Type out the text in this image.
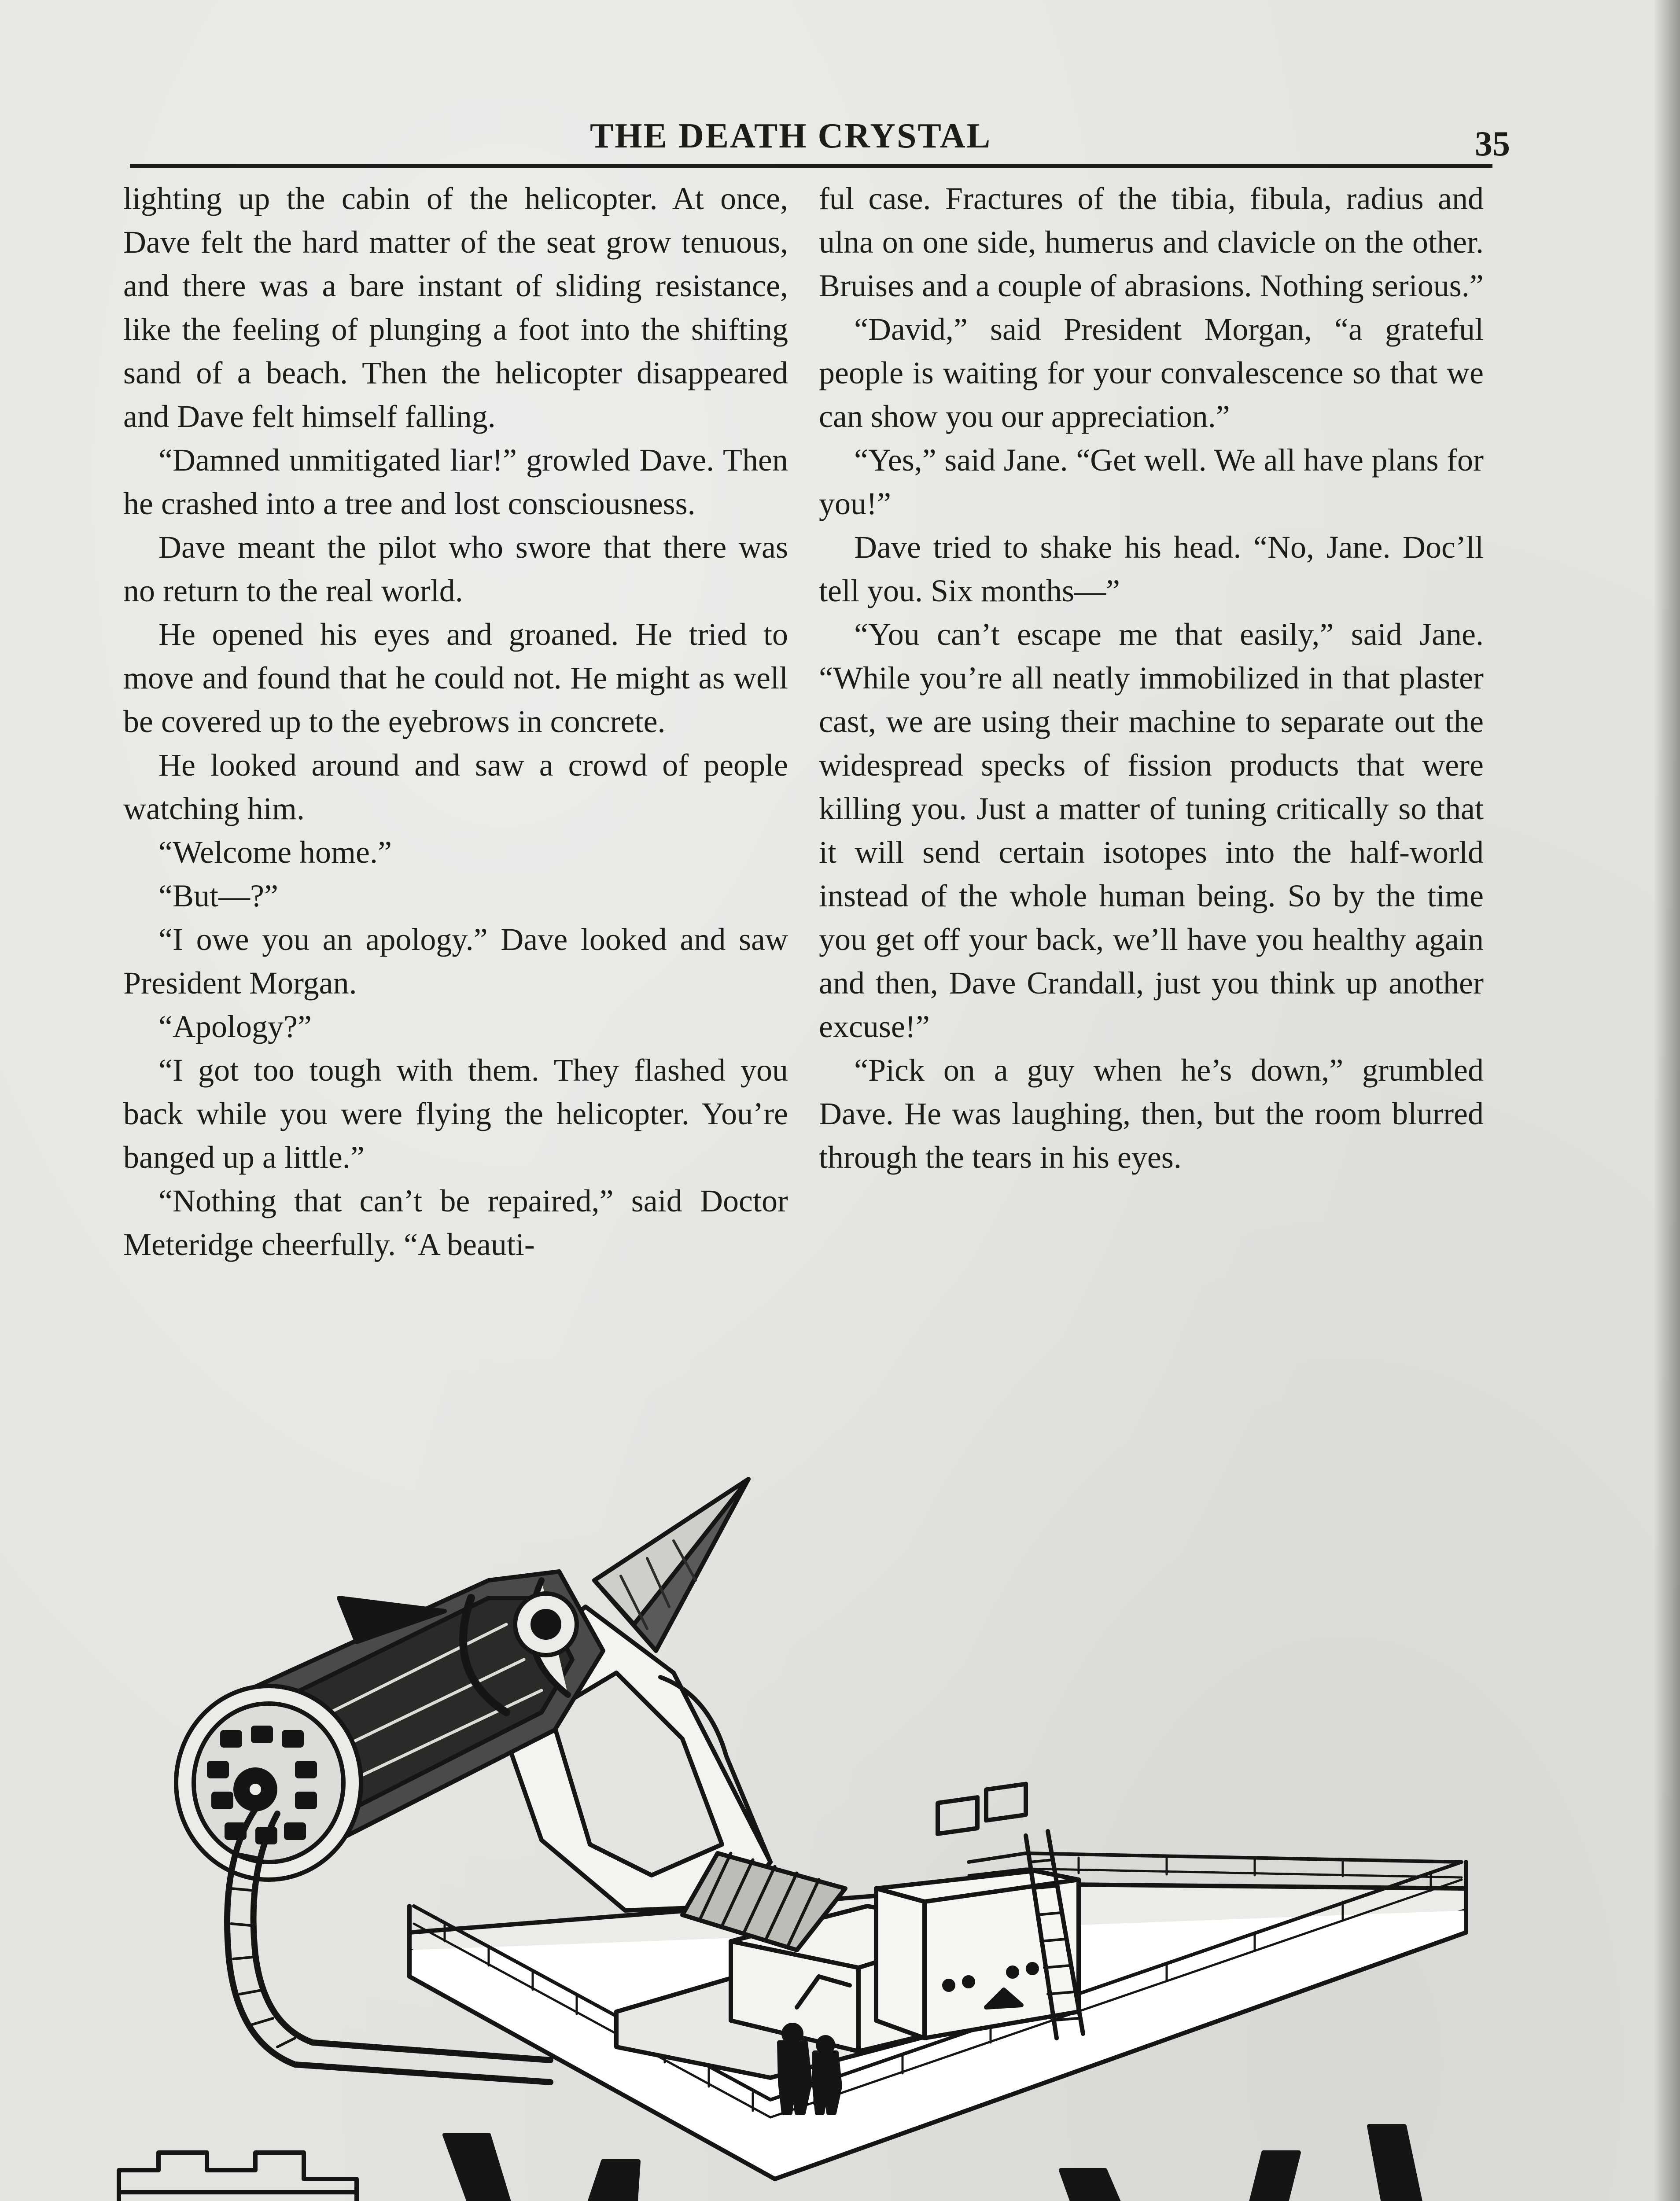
THE DEATH CRYSTAL	35

lighting up the cabin of the helicopter. At once, Dave felt the hard matter of the seat grow tenuous, and there was a bare instant of sliding resistance, like the feeling of plunging a foot into the shifting sand of a beach. Then the helicopter disappeared and Dave felt himself falling.

“Damned unmitigated liar!” growled Dave. Then he crashed into a tree and lost consciousness.

Dave meant the pilot who swore that there was no return to the real world.

He opened his eyes and groaned. He tried to move and found that he could not. He might as well be covered up to the eyebrows in concrete.

He looked around and saw a crowd of people watching him.

“Welcome home.”

“But—?”

“I owe you an apology.” Dave looked and saw President Morgan.

“Apology?”

“I got too tough with them. They flashed you back while you were flying the helicopter. You’re banged up a little.”

“Nothing that can’t be repaired,” said Doctor Meteridge cheerfully. “A beauti-

ful case. Fractures of the tibia, fibula, radius and ulna on one side, humerus and clavicle on the other. Bruises and a couple of abrasions. Nothing serious.”

“David,” said President Morgan, “a grateful people is waiting for your convalescence so that we can show you our appreciation.”

“Yes,” said Jane. “Get well. We all have plans for you!”

Dave tried to shake his head. “No, Jane. Doc’ll tell you. Six months—”

“You can’t escape me that easily,” said Jane. “While you’re all neatly immobilized in that plaster cast, we are using their machine to separate out the widespread specks of fission products that were killing you. Just a matter of tuning critically so that it will send certain isotopes into the half-world instead of the whole human being. So by the time you get off your back, we’ll have you healthy again and then, Dave Crandall, just you think up another excuse!”

“Pick on a guy when he’s down,” grumbled Dave. He was laughing, then, but the room blurred through the tears in his eyes.
